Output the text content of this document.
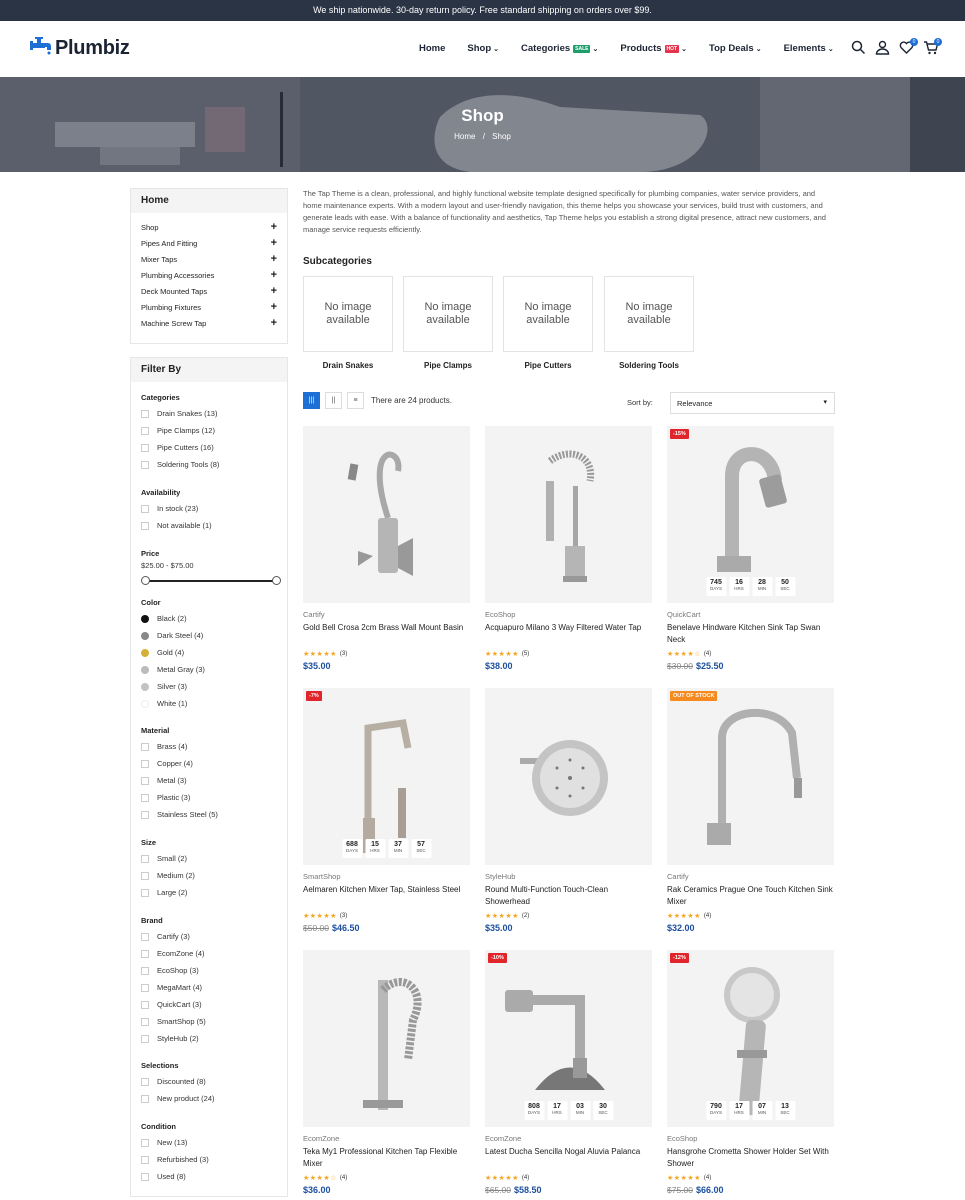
We ship nationwide. 30-day return policy. Free standard shipping on orders over $99.
Plumbiz	Home Shop ⌄ Categories	SALE ⌄ Products	HOT ⌄ Top Deals ⌄ Elements ⌄
0	0
Shop
Home / Shop
Home
Shop	+
Pipes And Fitting	+
Mixer Taps	+
Plumbing Accessories	+
Deck Mounted Taps	+
Plumbing Fixtures	+
Machine Screw Tap	+
Filter By
Categories
Drain Snakes (13)
Pipe Clamps (12)
Pipe Cutters (16)
Soldering Tools (8)
Availability
In stock (23)
Not available (1)
Price
$25.00 - $75.00
Color
Black (2)
Dark Steel (4)
Gold (4)
Metal Gray (3)
Silver (3)
White (1)
Material
Brass (4)
Copper (4)
Metal (3)
Plastic (3)
Stainless Steel (5)
Size
Small (2)
Medium (2)
Large (2)
Brand
Cartify (3)
EcomZone (4)
EcoShop (3)
MegaMart (4)
QuickCart (3)
SmartShop (5)
StyleHub (2)
Selections
Discounted (8)
New product (24)
Condition
New (13)
Refurbished (3)
Used (8)
The Tap Theme is a clean, professional, and highly functional website template designed specifically for plumbing companies, water service providers, and home maintenance experts. With a modern layout and user-friendly navigation, this theme helps you showcase your services, build trust with customers, and generate leads with ease. With a balance of functionality and aesthetics, Tap Theme helps you establish a strong digital presence, attract new customers, and manage service requests efficiently.
Subcategories
No image available
Drain Snakes
No image available
Pipe Clamps
No image available
Pipe Cutters
No image available
Soldering Tools
|||	||	≡	There are 24 products.	Sort by:	Relevance	▾
Cartify
Gold Bell Crosa 2cm Brass Wall Mount Basin
★★★★★ (3)
$35.00
EcoShop
Acquapuro Milano 3 Way Filtered Water Tap
★★★★★ (5)
$38.00
-15%
745
DAYS
16
HRS
28
MIN
50
SEC
QuickCart
Benelave Hindware Kitchen Sink Tap Swan Neck
★★★★☆ (4)
$30.00 $25.50
-7%
688
DAYS
15
HRS
37
MIN
57
SEC
SmartShop
Aelmaren Kitchen Mixer Tap, Stainless Steel
★★★★★ (3)
$50.00 $46.50
StyleHub
Round Multi-Function Touch-Clean Showerhead
★★★★★ (2)
$35.00
OUT OF STOCK
Cartify
Rak Ceramics Prague One Touch Kitchen Sink Mixer
★★★★★ (4)
$32.00
EcomZone
Teka My1 Professional Kitchen Tap Flexible Mixer
★★★★☆ (4)
$36.00
-10%
808
DAYS
17
HRS
03
MIN
30
SEC
EcomZone
Latest Ducha Sencilla Nogal Aluvia Palanca
★★★★★ (4)
$65.00 $58.50
-12%
790
DAYS
17
HRS
07
MIN
13
SEC
EcoShop
Hansgrohe Crometta Shower Holder Set With Shower
★★★★★ (4)
$75.00 $66.00
